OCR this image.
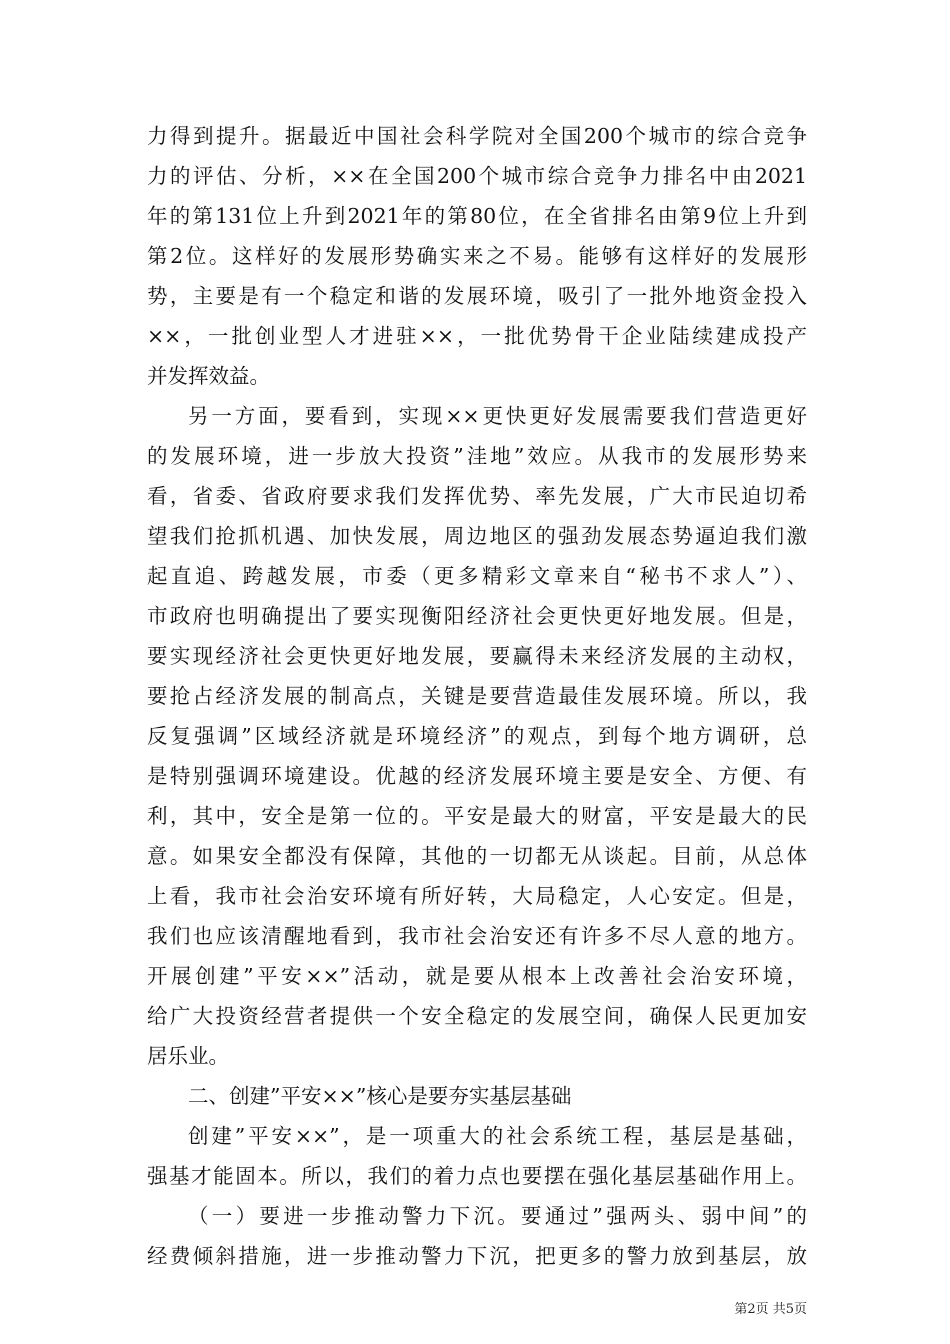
力得到提升。据最近中国社会科学院对全国200个城市的综合竞争
力的评估、分析，××在全国200个城市综合竞争力排名中由2021
年的第131位上升到2021年的第80位，在全省排名由第9位上升到
第2位。这样好的发展形势确实来之不易。能够有这样好的发展形
势，主要是有一个稳定和谐的发展环境，吸引了一批外地资金投入
××，一批创业型人才进驻××，一批优势骨干企业陆续建成投产
并发挥效益。
另一方面，要看到，实现××更快更好发展需要我们营造更好
的发展环境，进一步放大投资”洼地”效应。从我市的发展形势来
看，省委、省政府要求我们发挥优势、率先发展，广大市民迫切希
望我们抢抓机遇、加快发展，周边地区的强劲发展态势逼迫我们激
起直追、跨越发展，市委（更多精彩文章来自“秘书不求人”）、
市政府也明确提出了要实现衡阳经济社会更快更好地发展。但是，
要实现经济社会更快更好地发展，要赢得未来经济发展的主动权，
要抢占经济发展的制高点，关键是要营造最佳发展环境。所以，我
反复强调”区域经济就是环境经济”的观点，到每个地方调研，总
是特别强调环境建设。优越的经济发展环境主要是安全、方便、有
利，其中，安全是第一位的。平安是最大的财富，平安是最大的民
意。如果安全都没有保障，其他的一切都无从谈起。目前，从总体
上看，我市社会治安环境有所好转，大局稳定，人心安定。但是，
我们也应该清醒地看到，我市社会治安还有许多不尽人意的地方。
开展创建”平安××”活动，就是要从根本上改善社会治安环境，
给广大投资经营者提供一个安全稳定的发展空间，确保人民更加安
居乐业。
二、创建”平安××”核心是要夯实基层基础
创建”平安××”，是一项重大的社会系统工程，基层是基础，
强基才能固本。所以，我们的着力点也要摆在强化基层基础作用上。
（一）要进一步推动警力下沉。要通过”强两头、弱中间”的
经费倾斜措施，进一步推动警力下沉，把更多的警力放到基层，放
第2页 共5页
